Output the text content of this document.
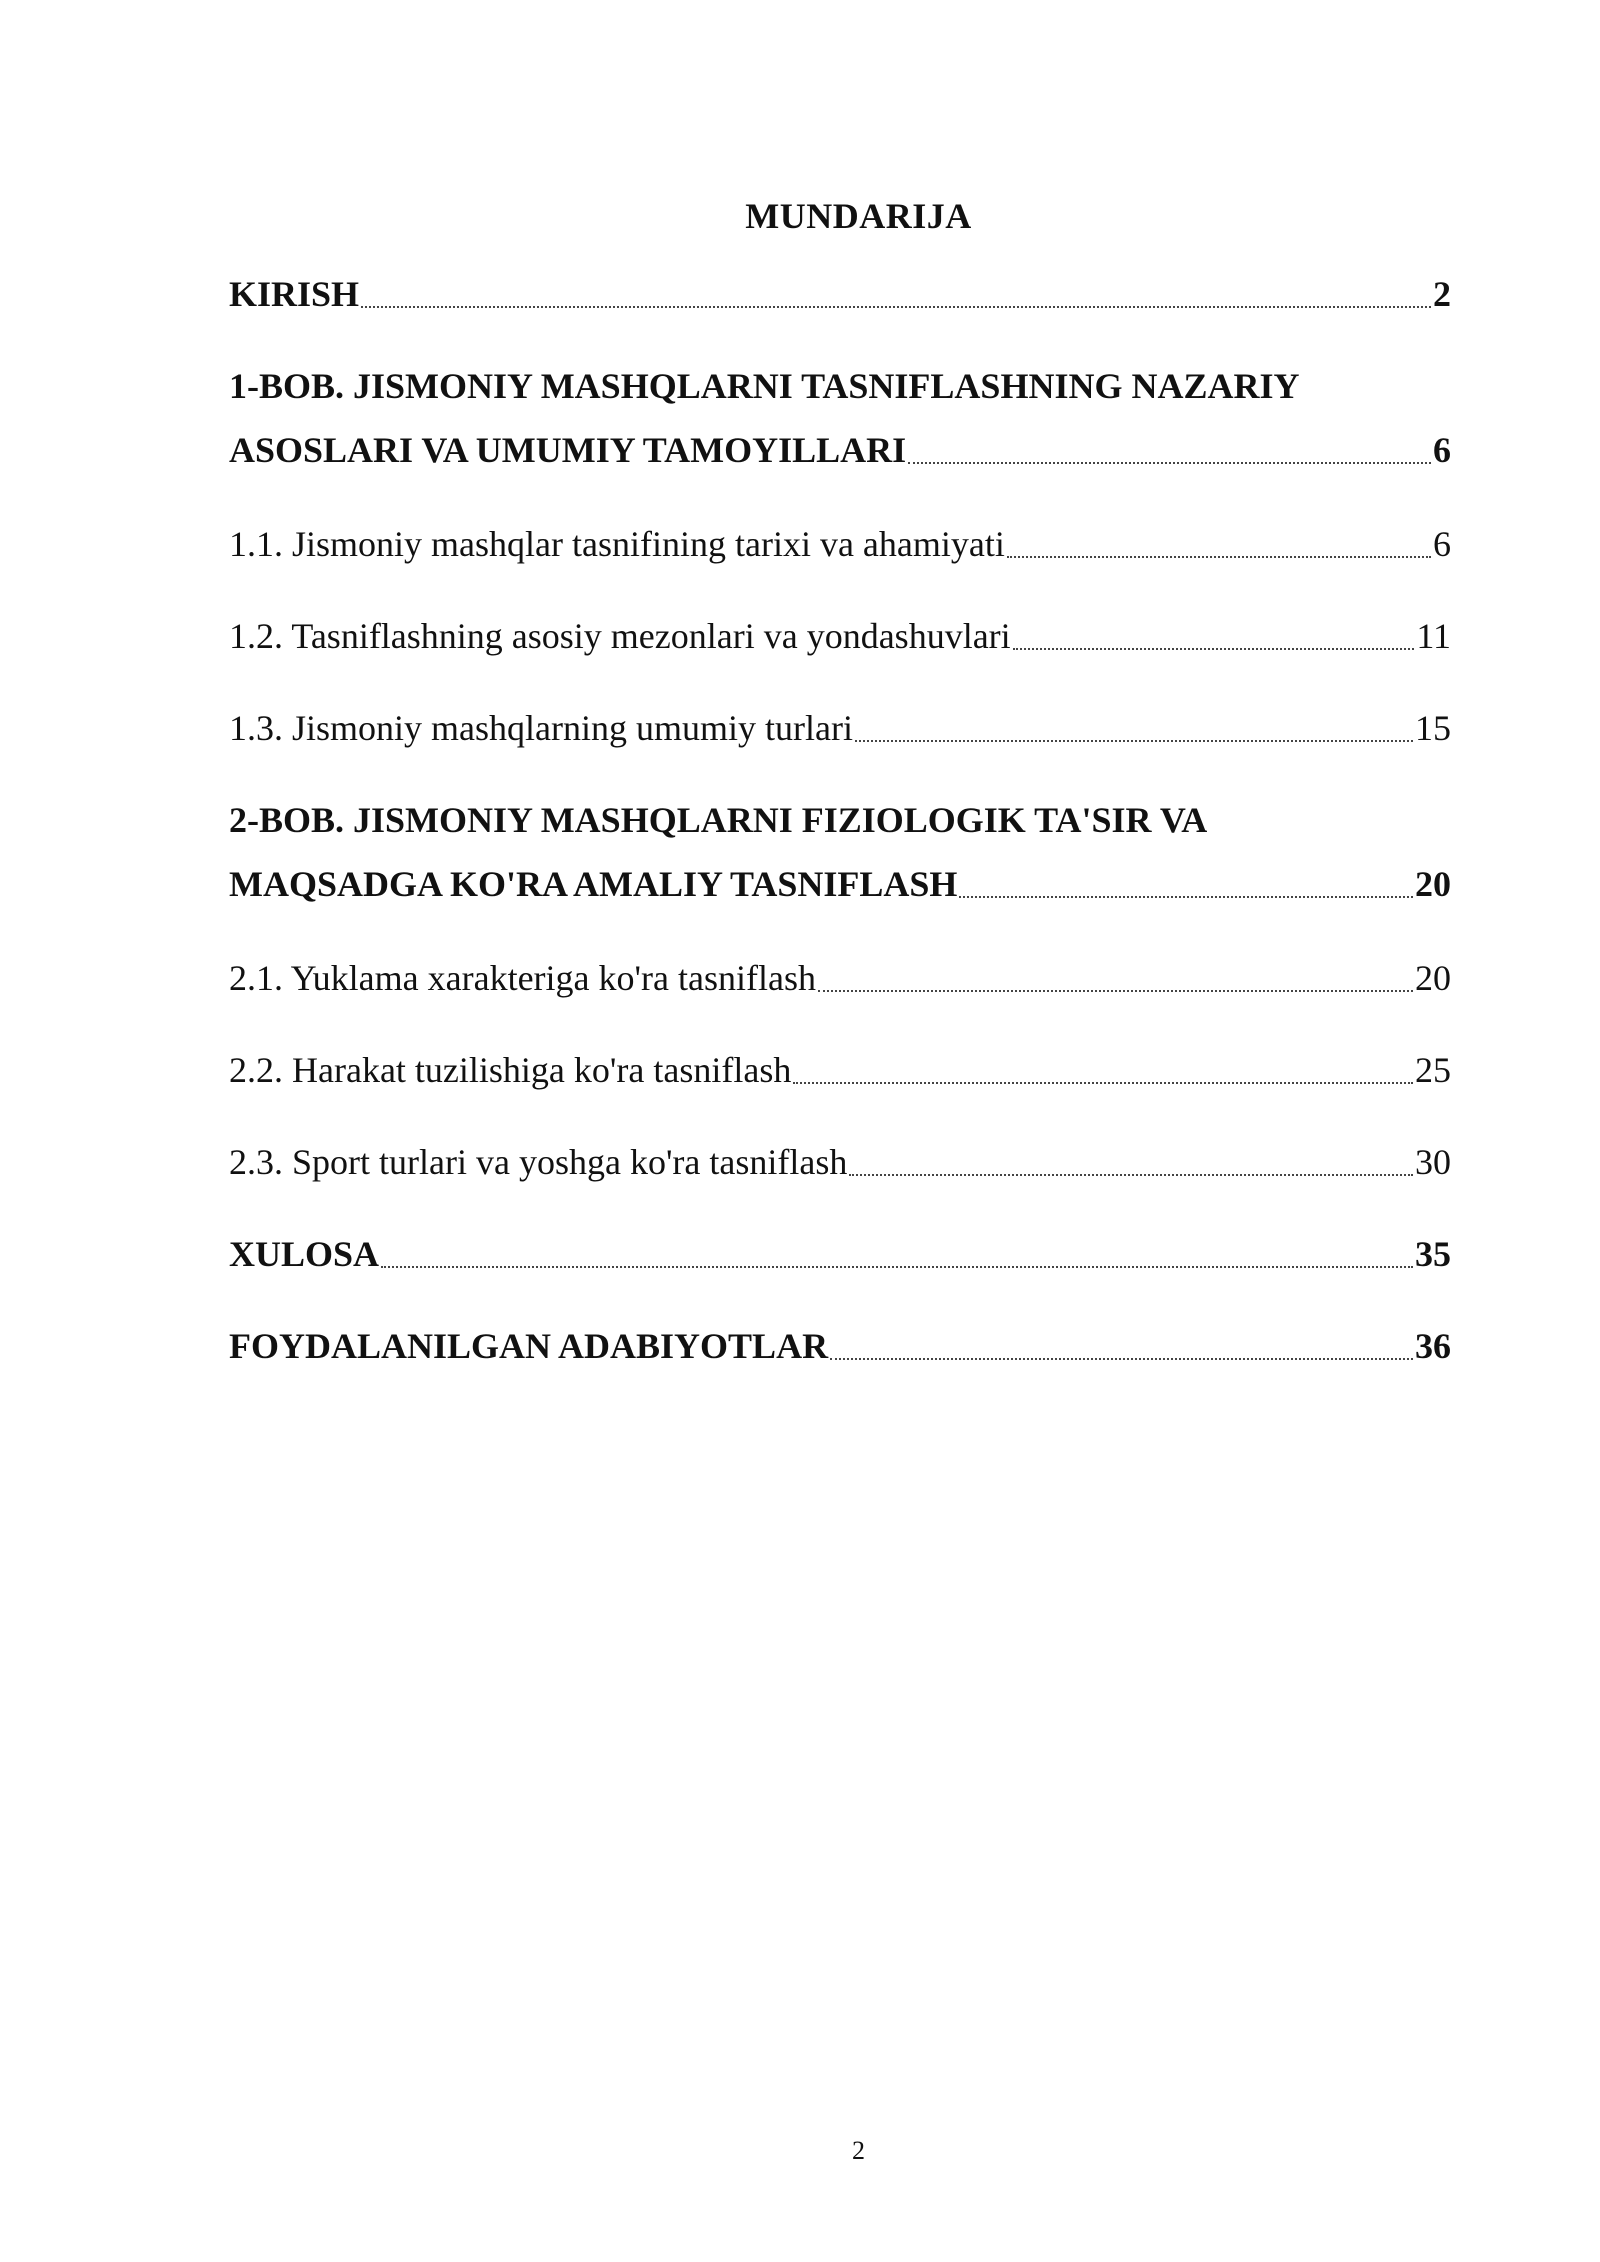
MUNDARIJA
KIRISH	2
1-BOB. JISMONIY MASHQLARNI TASNIFLASHNING NAZARIY
ASOSLARI VA UMUMIY TAMOYILLARI	6
1.1. Jismoniy mashqlar tasnifining tarixi va ahamiyati	6
1.2. Tasniflashning asosiy mezonlari va yondashuvlari	11
1.3. Jismoniy mashqlarning umumiy turlari	15
2-BOB. JISMONIY MASHQLARNI FIZIOLOGIK TA'SIR VA
MAQSADGA KO'RA AMALIY TASNIFLASH	20
2.1. Yuklama xarakteriga ko'ra tasniflash	20
2.2. Harakat tuzilishiga ko'ra tasniflash	25
2.3. Sport turlari va yoshga ko'ra tasniflash	30
XULOSA	35
FOYDALANILGAN ADABIYOTLAR	36
2
